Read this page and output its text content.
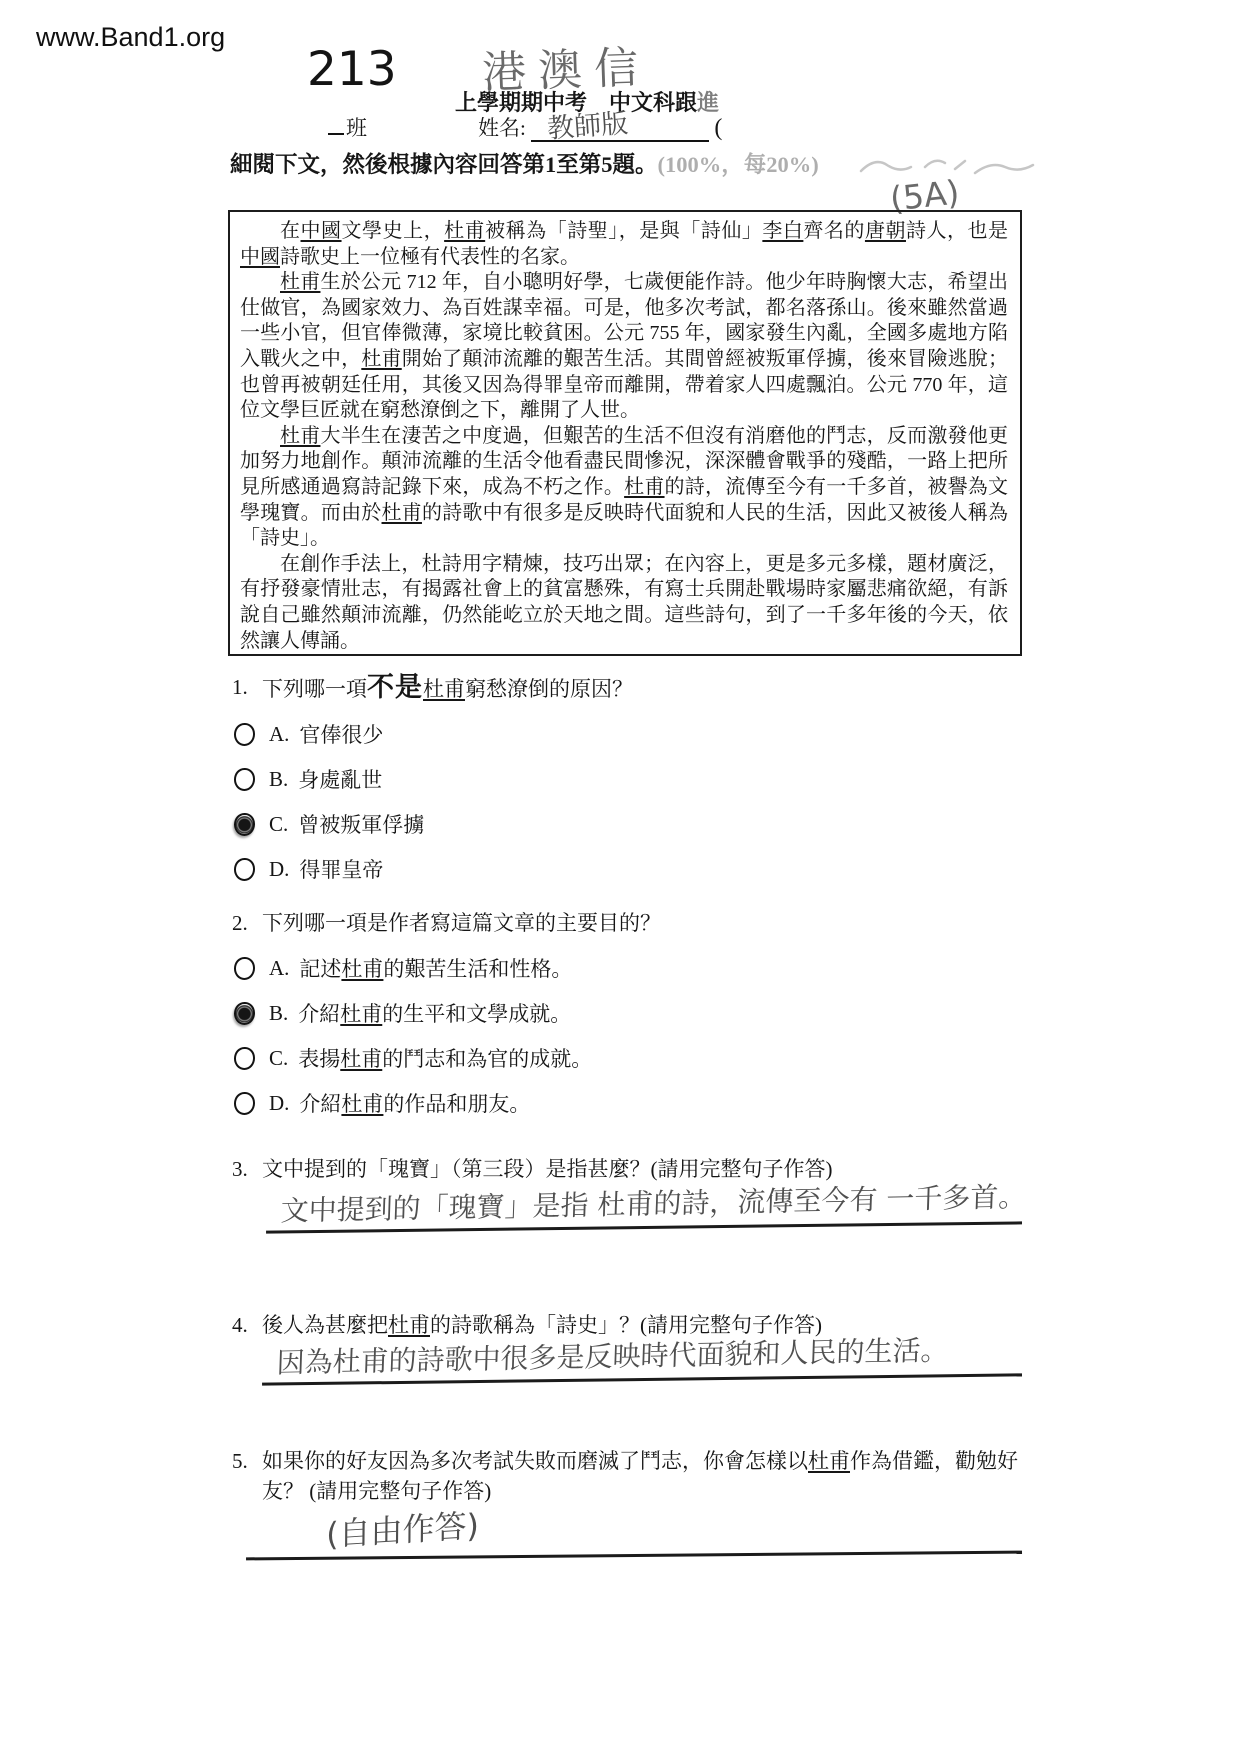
www.Band1.org
213 港澳信
上學期期中考　中文科跟進
班	姓名: 教師版	(
細閱下文，然後根據內容回答第1至第5題。(100%，每20%)
(5A)

在中國文學史上，杜甫被稱為「詩聖」，是與「詩仙」李白齊名的唐朝詩人，也是中國詩歌史上一位極有代表性的名家。

杜甫生於公元 712 年，自小聰明好學，七歲便能作詩。他少年時胸懷大志，希望出仕做官，為國家效力、為百姓謀幸福。可是，他多次考試，都名落孫山。後來雖然當過一些小官，但官俸微薄，家境比較貧困。公元 755 年，國家發生內亂，全國多處地方陷入戰火之中，杜甫開始了顛沛流離的艱苦生活。其間曾經被叛軍俘擄，後來冒險逃脫；也曾再被朝廷任用，其後又因為得罪皇帝而離開，帶着家人四處飄泊。公元 770 年，這位文學巨匠就在窮愁潦倒之下，離開了人世。

杜甫大半生在淒苦之中度過，但艱苦的生活不但沒有消磨他的鬥志，反而激發他更加努力地創作。顛沛流離的生活令他看盡民間慘況，深深體會戰爭的殘酷，一路上把所見所感通過寫詩記錄下來，成為不朽之作。杜甫的詩，流傳至今有一千多首，被譽為文學瑰寶。而由於杜甫的詩歌中有很多是反映時代面貌和人民的生活，因此又被後人稱為「詩史」。

在創作手法上，杜詩用字精煉，技巧出眾；在內容上，更是多元多樣，題材廣泛，有抒發豪情壯志，有揭露社會上的貧富懸殊，有寫士兵開赴戰場時家屬悲痛欲絕，有訴說自己雖然顛沛流離，仍然能屹立於天地之間。這些詩句，到了一千多年後的今天，依然讓人傳誦。

1. 下列哪一項不是杜甫窮愁潦倒的原因？
A. 官俸很少
B. 身處亂世
C. 曾被叛軍俘擄
D. 得罪皇帝
2. 下列哪一項是作者寫這篇文章的主要目的？
A. 記述杜甫的艱苦生活和性格。
B. 介紹杜甫的生平和文學成就。
C. 表揚杜甫的鬥志和為官的成就。
D. 介紹杜甫的作品和朋友。
3. 文中提到的「瑰寶」（第三段）是指甚麼？(請用完整句子作答)
文中提到的「瑰寶」是指 杜甫的詩，流傳至今有 一千多首。
4. 後人為甚麼把杜甫的詩歌稱為「詩史」？(請用完整句子作答)
因為杜甫的詩歌中很多是反映時代面貌和人民的生活。
5. 如果你的好友因為多次考試失敗而磨滅了鬥志，你會怎樣以杜甫作為借鑑，勸勉好友？ (請用完整句子作答)
(自由作答)
